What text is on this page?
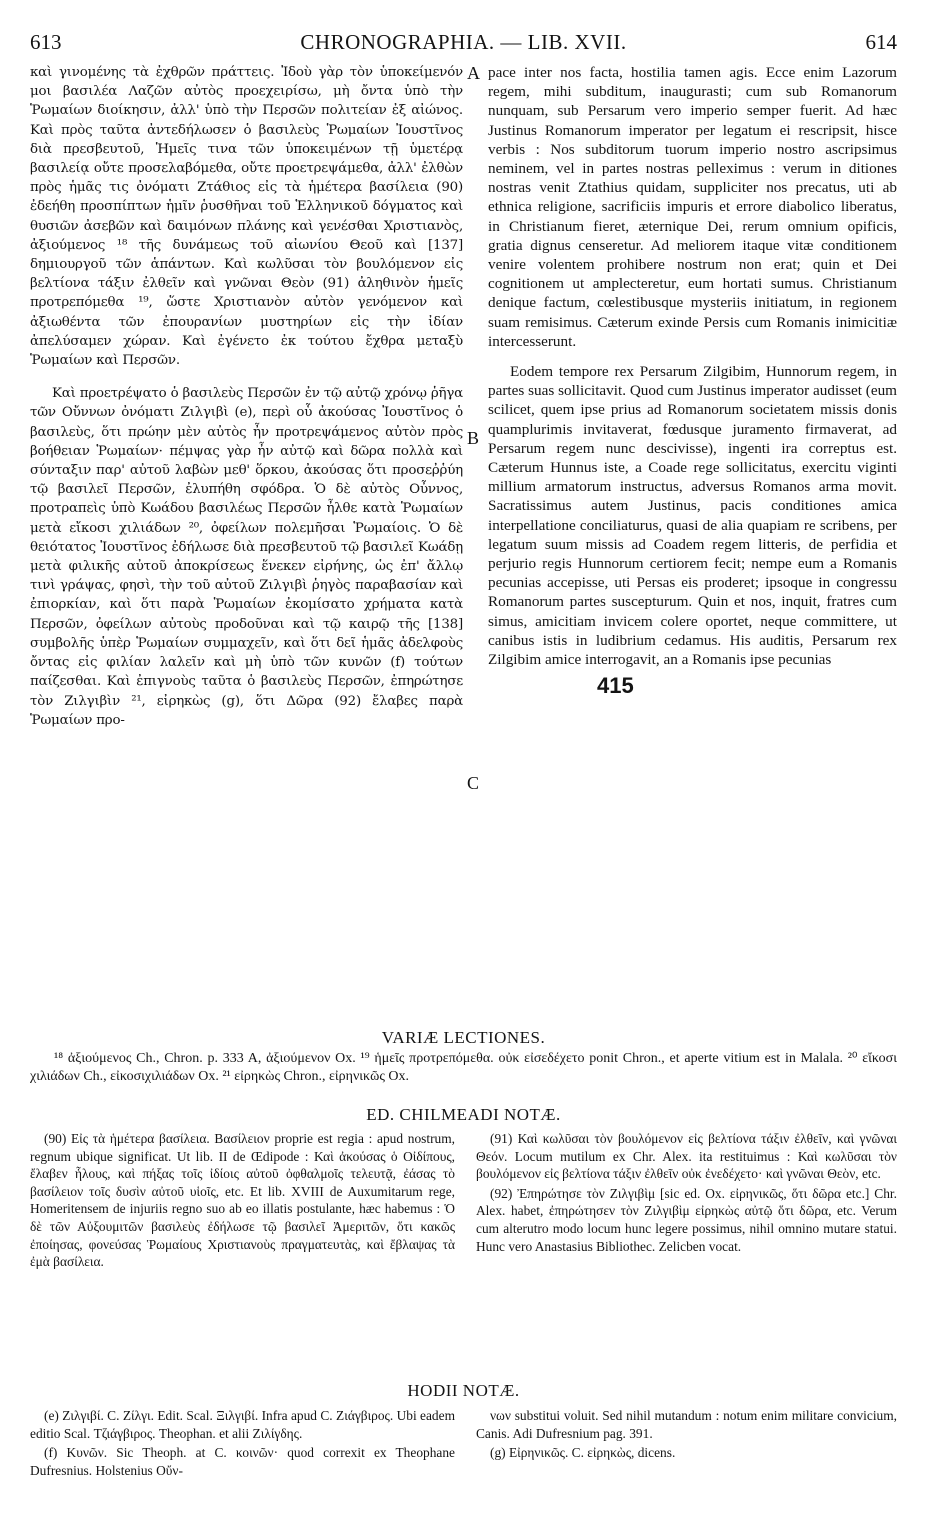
613	CHRONOGRAPHIA. — LIB. XVII.	614

καὶ γινομένης τὰ ἐχθρῶν πράττεις. Ἰδοὺ γὰρ τὸν ὑποκείμενόν μοι βασιλέα Λαζῶν αὐτὸς προεχειρίσω, μὴ ὄντα ὑπὸ τὴν Ῥωμαίων διοίκησιν, ἀλλ' ὑπὸ τὴν Περσῶν πολιτείαν ἐξ αἰώνος. Καὶ πρὸς ταῦτα ἀντεδήλωσεν ὁ βασιλεὺς Ῥωμαίων Ἰουστῖνος διὰ πρεσβευτοῦ, Ἡμεῖς τινα τῶν ὑποκειμένων τῇ ὑμετέρᾳ βασιλείᾳ οὔτε προσελαβόμεθα, οὔτε προετρεψάμεθα, ἀλλ' ἐλθὼν πρὸς ἡμᾶς τις ὀνόματι Ζτάθιος εἰς τὰ ἡμέτερα βασίλεια (90) ἐδεήθη προσπίπτων ἡμῖν ῥυσθῆναι τοῦ Ἑλληνικοῦ δόγματος καὶ θυσιῶν ἀσεβῶν καὶ δαιμόνων πλάνης καὶ γενέσθαι Χριστιανὸς, ἀξιούμενος ¹⁸ τῆς δυνάμεως τοῦ αἰωνίου Θεοῦ καὶ [137] δημιουργοῦ τῶν ἁπάντων. Καὶ κωλῦσαι τὸν βουλόμενον εἰς βελτίονα τάξιν ἐλθεῖν καὶ γνῶναι Θεὸν (91) ἀληθινὸν ἡμεῖς προτρεπόμεθα ¹⁹, ὥστε Χριστιανὸν αὐτὸν γενόμενον καὶ ἀξιωθέντα τῶν ἐπουρανίων μυστηρίων εἰς τὴν ἰδίαν ἀπελύσαμεν χώραν. Καὶ ἐγένετο ἐκ τούτου ἔχθρα μεταξὺ Ῥωμαίων καὶ Περσῶν.

Καὶ προετρέψατο ὁ βασιλεὺς Περσῶν ἐν τῷ αὐτῷ χρόνῳ ῥῆγα τῶν Οὔννων ὀνόματι Ζιλγιβὶ (e), περὶ οὗ ἀκούσας Ἰουστῖνος ὁ βασιλεὺς, ὅτι πρώην μὲν αὐτὸς ἦν προτρεψάμενος αὐτὸν πρὸς βοήθειαν Ῥωμαίων· πέμψας γὰρ ἦν αὐτῷ καὶ δῶρα πολλὰ καὶ σύνταξιν παρ' αὐτοῦ λαβὼν μεθ' ὅρκου, ἀκούσας ὅτι προσεῤῥύη τῷ βασιλεῖ Περσῶν, ἐλυπήθη σφόδρα. Ὁ δὲ αὐτὸς Οὖννος, προτραπεὶς ὑπὸ Κωάδου βασιλέως Περσῶν ἦλθε κατὰ Ῥωμαίων μετὰ εἴκοσι χιλιάδων ²⁰, ὀφείλων πολεμῆσαι Ῥωμαίοις. Ὁ δὲ θειότατος Ἰουστῖνος ἐδήλωσε διὰ πρεσβευτοῦ τῷ βασιλεῖ Κωάδῃ μετὰ φιλικῆς αὐτοῦ ἀποκρίσεως ἕνεκεν εἰρήνης, ὡς ἐπ' ἄλλῳ τινὶ γράψας, φησὶ, τὴν τοῦ αὐτοῦ Ζιλγιβὶ ῥηγὸς παραβασίαν καὶ ἐπιορκίαν, καὶ ὅτι παρὰ Ῥωμαίων ἐκομίσατο χρήματα κατὰ Περσῶν, ὀφείλων αὐτοὺς προδοῦναι καὶ τῷ καιρῷ τῆς [138] συμβολῆς ὑπὲρ Ῥωμαίων συμμαχεῖν, καὶ ὅτι δεῖ ἡμᾶς ἀδελφοὺς ὄντας εἰς φιλίαν λαλεῖν καὶ μὴ ὑπὸ τῶν κυνῶν (f) τούτων παίζεσθαι. Καὶ ἐπιγνοὺς ταῦτα ὁ βασιλεὺς Περσῶν, ἐπηρώτησε τὸν Ζιλγιβὶν ²¹, εἰρηκὼς (g), ὅτι Δῶρα (92) ἔλαβες παρὰ Ῥωμαίων προ-

pace inter nos facta, hostilia tamen agis. Ecce enim Lazorum regem, mihi subditum, inaugurasti; cum sub Romanorum nunquam, sub Persarum vero imperio semper fuerit. Ad hæc Justinus Romanorum imperator per legatum ei rescripsit, hisce verbis : Nos subditorum tuorum imperio nostro ascripsimus neminem, vel in partes nostras pelleximus : verum in ditiones nostras venit Ztathius quidam, suppliciter nos precatus, uti ab ethnica religione, sacrificiis impuris et errore diabolico liberatus, in Christianum fieret, æternique Dei, rerum omnium opificis, gratia dignus censeretur. Ad meliorem itaque vitæ conditionem venire volentem prohibere nostrum non erat; quin et Dei cognitionem ut amplecteretur, eum hortati sumus. Christianum denique factum, cœlestibusque mysteriis initiatum, in regionem suam remisimus. Cæterum exinde Persis cum Romanis inimicitiæ intercesserunt.

Eodem tempore rex Persarum Zilgibim, Hunnorum regem, in partes suas sollicitavit. Quod cum Justinus imperator audisset (eum scilicet, quem ipse prius ad Romanorum societatem missis donis quamplurimis invitaverat, fœdusque juramento firmaverat, ad Persarum regem nunc descivisse), ingenti ira correptus est. Cæterum Hunnus iste, a Coade rege sollicitatus, exercitu viginti millium armatorum instructus, adversus Romanos arma movit. Sacratissimus autem Justinus, pacis conditiones amica interpellatione conciliaturus, quasi de alia quapiam re scribens, per legatum suum missis ad Coadem regem litteris, de perfidia et perjurio regis Hunnorum certiorem fecit; nempe eum a Romanis pecunias accepisse, uti Persas eis proderet; ipsoque in congressu Romanorum partes suscepturum. Quin et nos, inquit, fratres cum simus, amicitiam invicem colere oportet, neque committere, ut canibus istis in ludibrium cedamus. His auditis, Persarum rex Zilgibim amice interrogavit, an a Romanis ipse pecunias

A
B
C
415
VARIÆ LECTIONES.

¹⁸ ἀξιούμενος Ch., Chron. p. 333 A, ἀξιούμενον Ox. ¹⁹ ἡμεῖς προτρεπόμεθα. οὐκ εἰσεδέχετο ponit Chron., et aperte vitium est in Malala. ²⁰ εἴκοσι χιλιάδων Ch., εἰκοσιχιλιάδων Ox. ²¹ εἰρηκὼς Chron., εἰρηνικῶς Ox.

ED. CHILMEADI NOTÆ.

(90) Εἰς τὰ ἡμέτερα βασίλεια. Βασίλειον proprie est regia : apud nostrum, regnum ubique significat. Ut lib. II de Œdipode : Καὶ ἀκούσας ὁ Οἰδίπους, ἔλαβεν ἧλους, καὶ πήξας τοῖς ἰδίοις αὐτοῦ ὀφθαλμοῖς τελευτᾷ, ἐάσας τὸ βασίλειον τοῖς δυσὶν αὐτοῦ υἱοῖς, etc. Et lib. XVIII de Auxumitarum rege, Homeritensem de injuriis regno suo ab eo illatis postulante, hæc habemus : Ὁ δὲ τῶν Αὐξουμιτῶν βασιλεὺς ἐδήλωσε τῷ βασιλεῖ Ἀμεριτῶν, ὅτι κακῶς ἐποίησας, φονεύσας Ῥωμαίους Χριστιανοὺς πραγματευτὰς, καὶ ἔβλαψας τὰ ἐμὰ βασίλεια.

(91) Καὶ κωλῦσαι τὸν βουλόμενον εἰς βελτίονα τάξιν ἐλθεῖν, καὶ γνῶναι Θεόν. Locum mutilum ex Chr. Alex. ita restituimus : Καὶ κωλῦσαι τὸν βουλόμενον εἰς βελτίονα τάξιν ἐλθεῖν οὐκ ἐνεδέχετο· καὶ γνῶναι Θεὸν, etc.

(92) Ἐπηρώτησε τὸν Ζιλγιβὶμ [sic ed. Ox. εἰρηνικῶς, ὅτι δῶρα etc.] Chr. Alex. habet, ἐπηρώτησεν τὸν Ζιλγιβὶμ εἰρηκὼς αὐτῷ ὅτι δῶρα, etc. Verum cum alterutro modo locum hunc legere possimus, nihil omnino mutare statui. Hunc vero Anastasius Bibliothec. Zelicben vocat.

HODII NOTÆ.

(e) Ζιλγιβί. C. Ζίλγι. Edit. Scal. Ξιλγιβί. Infra apud C. Ζιάγβιρος. Ubi eadem editio Scal. Τζιάγβιρος. Theophan. et alii Ζιλίγδης.

(f) Κυνῶν. Sic Theoph. at C. κοινῶν· quod correxit ex Theophane Dufresnius. Holstenius Οὔν-

νων substitui voluit. Sed nihil mutandum : notum enim militare convicium, Canis. Adi Dufresnium pag. 391.

(g) Εἰρηνικῶς. C. εἰρηκὼς, dicens.
